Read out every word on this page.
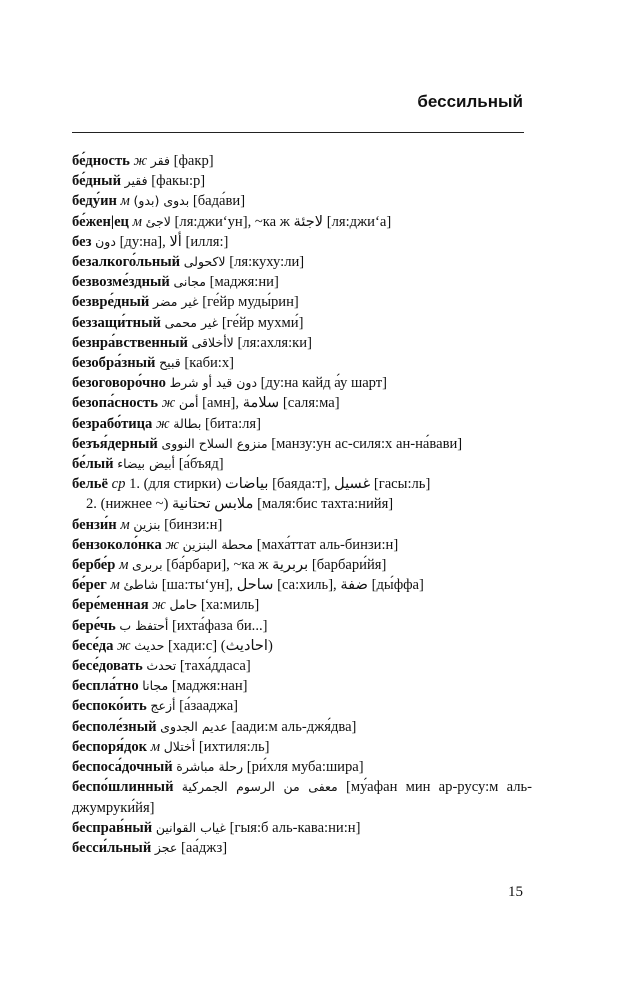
бессильный
бе́дность ж فقر [факр]
бе́дный فقير [факы:р]
беду́ин м بدوى (بدو) [бада́ви]
бе́жен|ец м لاجئ [ля:джи‘ун], ~ка ж لاجئة [ля:джи‘а]
без دون [ду:на], ألا [илля:]
безалкого́льный لاكحولى [ля:куху:ли]
безвозме́здный مجانى [маджя:ни]
безвре́дный غير مضر [ге́йр муды́рин]
беззащи́тный غير محمى [ге́йр мухми́]
безнра́вственный لاأخلاقى [ля:ахля:ки]
безобра́зный قبيح [каби:х]
безоговоро́чно دون قيد أو شرط [ду:на кайд а́у шарт]
безопа́сность ж أمن [амн], سلامة [саля:ма]
безрабо́тица ж بطالة [бита:ля]
безъя́дерный منزوع السلاح النووى [манзу:ун ас-силя:х ан-на́вави]
бе́лый أبيض بيضاء [а́бъяд]
бельё ср 1. (для стирки) بياضات [баяда:т], غسيل [гасы:ль]
2. (нижнее ~) ملابس تحتانية [маля:бис тахта:нийя]
бензи́н м بنزين [бинзи:н]
бензоколо́нка ж محطة البنزين [маха́ттат аль-бинзи:н]
бербе́р м بربرى [ба́рбари], ~ка ж بربرية [барбари́йя]
бе́рег м شاطئ [ша:ты‘ун], ساحل [са:хиль], ضفة [ды́ффа]
бере́менная ж حامل [ха:миль]
бере́чь أحتفظ ب [ихта́фаза би...]
бесе́да ж حديث [хади:с] (احاديث)
бесе́довать تحدث [таха́ддаса]
беспла́тно مجانا [маджя:нан]
беспоко́ить أزعج [а́зааджа]
бесполе́зный عديم الجدوى [аади:м аль-джя́два]
беспоря́док м أختلال [ихтиля:ль]
беспоса́дочный رحلة مباشرة [ри́хля муба:шира]
беспо́шлинный معفى من الرسوم الجمركية [му́афан мин ар-русу:м аль-джумруки́йя]
бесправ́ный غياب القوانين [гыя:б аль-кава:ни:н]
бесси́льный عجز [аа́джз]
15
